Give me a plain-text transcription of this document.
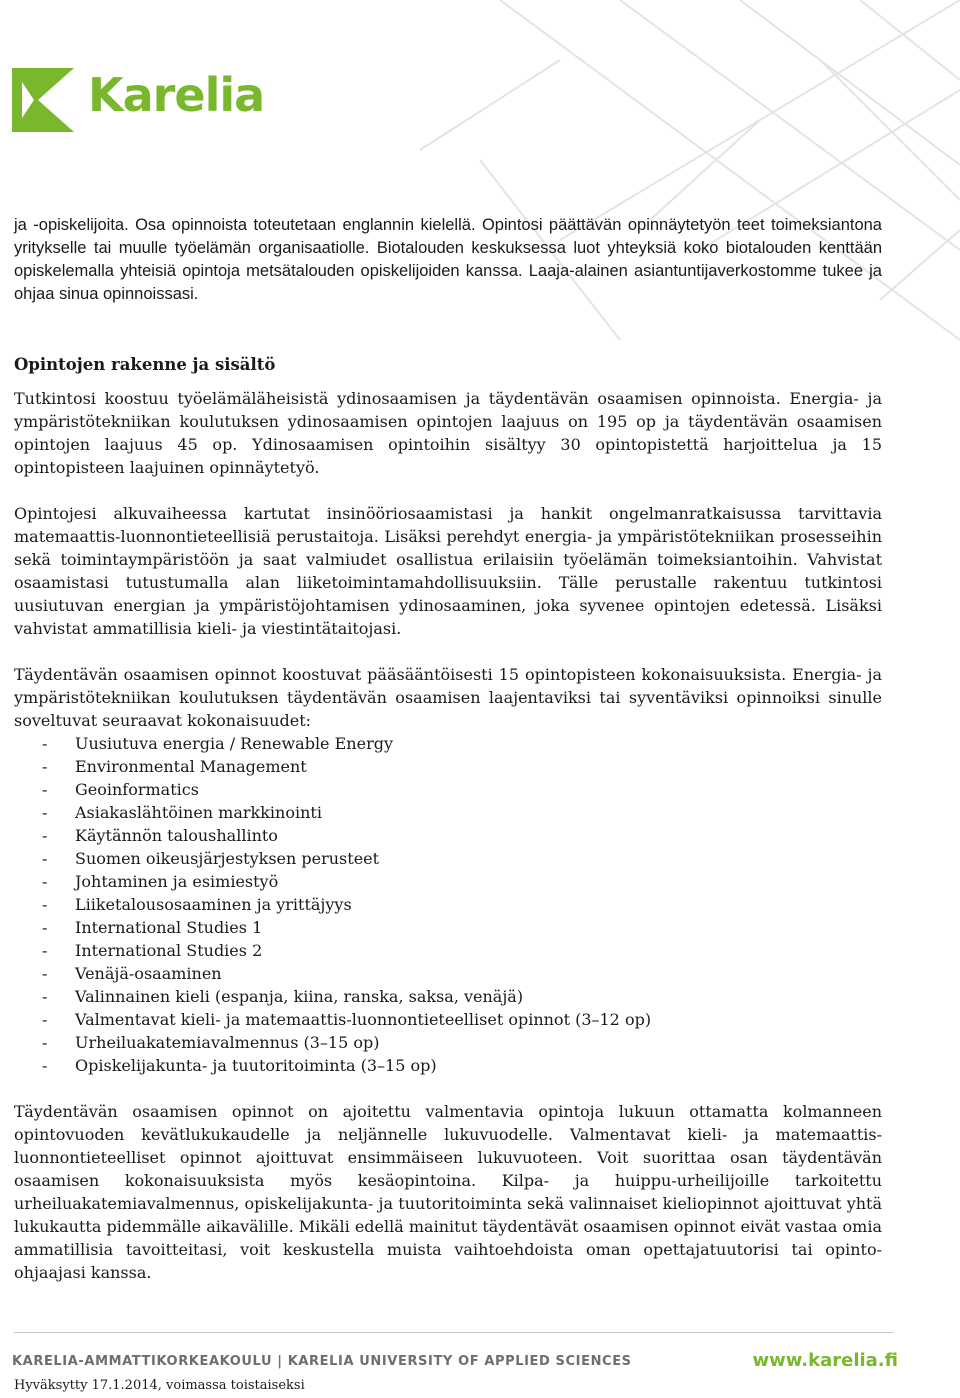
Karelia

ja -opiskelijoita. Osa opinnoista toteutetaan englannin kielellä. Opintosi päättävän opinnäytetyön teet toimeksiantona yritykselle tai muulle työelämän organisaatiolle. Biotalouden keskuksessa luot yhteyksiä koko biotalouden kenttään opiskelemalla yhteisiä opintoja metsätalouden opiskelijoiden kanssa. Laaja-alainen asiantuntijaverkostomme tukee ja ohjaa sinua opinnoissasi.

Opintojen rakenne ja sisältö

Tutkintosi koostuu työelämäläheisistä ydinosaamisen ja täydentävän osaamisen opinnoista. Energia- ja ympäristötekniikan koulutuksen ydinosaamisen opintojen laajuus on 195 op ja täydentävän osaamisen opintojen laajuus 45 op. Ydinosaamisen opintoihin sisältyy 30 opintopistettä harjoittelua ja 15 opintopisteen laajuinen opinnäytetyö.

Opintojesi alkuvaiheessa kartutat insinööriosaamistasi ja hankit ongelmanratkaisussa tarvittavia matemaattis-luonnontieteellisiä perustaitoja. Lisäksi perehdyt energia- ja ympäristötekniikan prosesseihin sekä toimintaympäristöön ja saat valmiudet osallistua erilaisiin työelämän toimeksiantoihin. Vahvistat osaamistasi tutustumalla alan liiketoimintamahdollisuuksiin. Tälle perustalle rakentuu tutkintosi uusiutuvan energian ja ympäristöjohtamisen ydinosaaminen, joka syvenee opintojen edetessä. Lisäksi vahvistat ammatillisia kieli- ja viestintätaitojasi.

Täydentävän osaamisen opinnot koostuvat pääsääntöisesti 15 opintopisteen kokonaisuuksista. Energia- ja ympäristötekniikan koulutuksen täydentävän osaamisen laajentaviksi tai syventäviksi opinnoiksi sinulle soveltuvat seuraavat kokonaisuudet:

- Uusiutuva energia / Renewable Energy
- Environmental Management
- Geoinformatics
- Asiakaslähtöinen markkinointi
- Käytännön taloushallinto
- Suomen oikeusjärjestyksen perusteet
- Johtaminen ja esimiestyö
- Liiketalousosaaminen ja yrittäjyys
- International Studies 1
- International Studies 2
- Venäjä-osaaminen
- Valinnainen kieli (espanja, kiina, ranska, saksa, venäjä)
- Valmentavat kieli- ja matemaattis-luonnontieteelliset opinnot (3–12 op)
- Urheiluakatemiavalmennus (3–15 op)
- Opiskelijakunta- ja tuutoritoiminta (3–15 op)

Täydentävän osaamisen opinnot on ajoitettu valmentavia opintoja lukuun ottamatta kolmanneen opintovuoden kevätlukukaudelle ja neljännelle lukuvuodelle. Valmentavat kieli- ja matemaattis-luonnontieteelliset opinnot ajoittuvat ensimmäiseen lukuvuoteen. Voit suorittaa osan täydentävän osaamisen kokonaisuuksista myös kesäopintoina. Kilpa- ja huippu-urheilijoille tarkoitettu urheiluakatemiavalmennus, opiskelijakunta- ja tuutoritoiminta sekä valinnaiset kieliopinnot ajoittuvat yhtä lukukautta pidemmälle aikavälille. Mikäli edellä mainitut täydentävät osaamisen opinnot eivät vastaa omia ammatillisia tavoitteitasi, voit keskustella muista vaihtoehdoista oman opettajatuutorisi tai opinto-ohjaajasi kanssa.

KARELIA-AMMATTIKORKEAKOULU | KARELIA UNIVERSITY OF APPLIED SCIENCES	www.karelia.fi
Hyväksytty 17.1.2014, voimassa toistaiseksi
